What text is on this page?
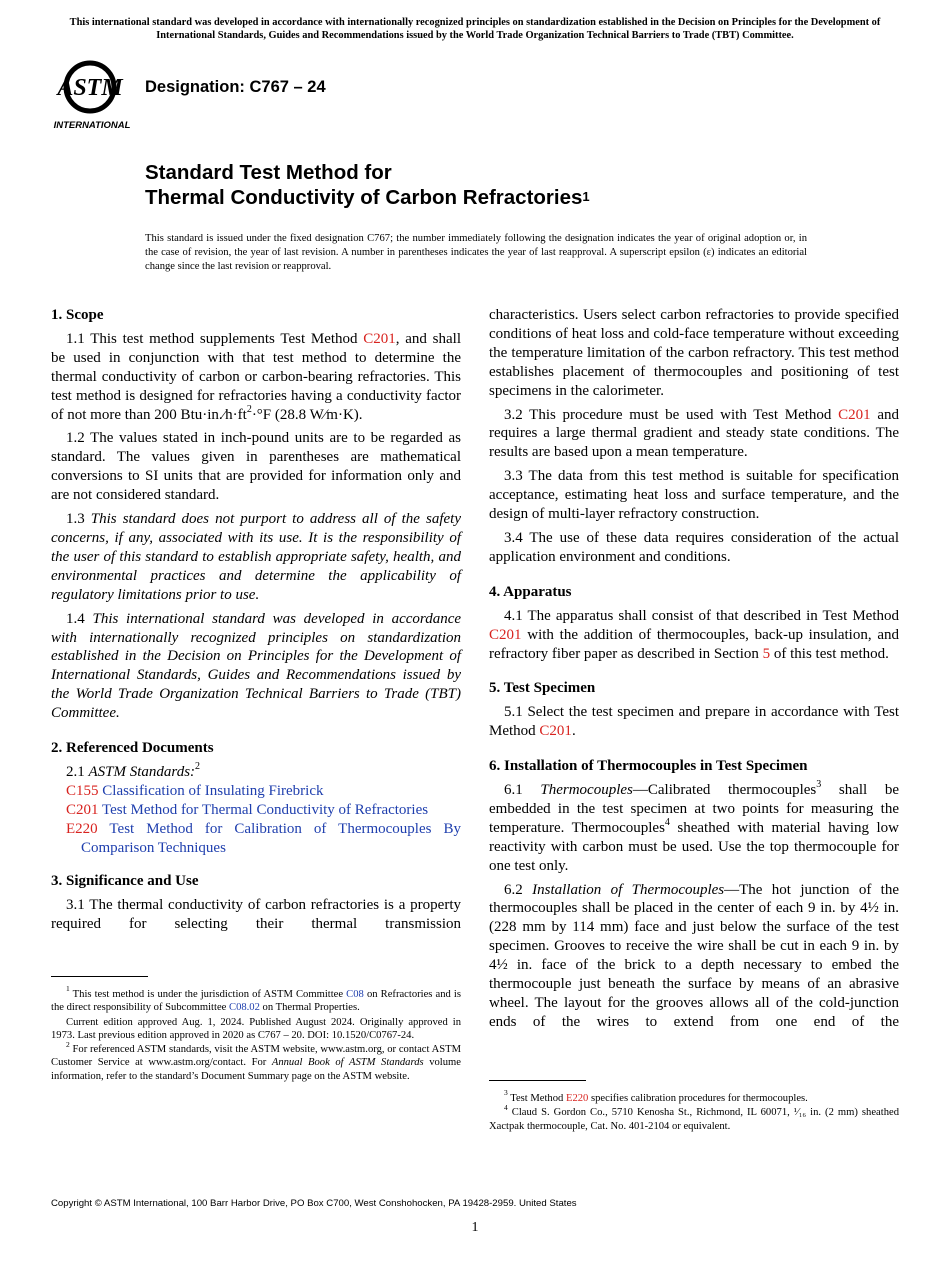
This international standard was developed in accordance with internationally recognized principles on standardization established in the Decision on Principles for the Development of International Standards, Guides and Recommendations issued by the World Trade Organization Technical Barriers to Trade (TBT) Committee.
ASTM
INTERNATIONAL
Designation: C767 – 24
Standard Test Method for
Thermal Conductivity of Carbon Refractories$^1$
This standard is issued under the fixed designation C767; the number immediately following the designation indicates the year of original adoption or, in the case of revision, the year of last revision. A number in parentheses indicates the year of last reapproval. A superscript epsilon (ε) indicates an editorial change since the last revision or reapproval.
1. Scope

1.1 This test method supplements Test Method C201, and shall be used in conjunction with that test method to determine the thermal conductivity of carbon or carbon-bearing refractories. This test method is designed for refractories having a conductivity factor of not more than 200 $Btu\cdot in.⁄h\cdot ft^2\cdot^\circ F$ (28.8 W⁄m·K).

1.2 The values stated in inch-pound units are to be regarded as standard. The values given in parentheses are mathematical conversions to SI units that are provided for information only and are not considered standard.

1.3 This standard does not purport to address all of the safety concerns, if any, associated with its use. It is the responsibility of the user of this standard to establish appropriate safety, health, and environmental practices and determine the applicability of regulatory limitations prior to use.

1.4 This international standard was developed in accordance with internationally recognized principles on standardization established in the Decision on Principles for the Development of International Standards, Guides and Recommendations issued by the World Trade Organization Technical Barriers to Trade (TBT) Committee.

2. Referenced Documents

2.1 ASTM Standards:$^2$

C155 Classification of Insulating Firebrick

C201 Test Method for Thermal Conductivity of Refractories

E220 Test Method for Calibration of Thermocouples By Comparison Techniques

3. Significance and Use

3.1 The thermal conductivity of carbon refractories is a property required for selecting their thermal transmission

$^1$ This test method is under the jurisdiction of ASTM Committee C08 on Refractories and is the direct responsibility of Subcommittee C08.02 on Thermal Properties.

Current edition approved Aug. 1, 2024. Published August 2024. Originally approved in 1973. Last previous edition approved in 2020 as C767 – 20. DOI: 10.1520/C0767-24.

$^2$ For referenced ASTM standards, visit the ASTM website, www.astm.org, or contact ASTM Customer Service at www.astm.org/contact. For Annual Book of ASTM Standards volume information, refer to the standard’s Document Summary page on the ASTM website.

characteristics. Users select carbon refractories to provide specified conditions of heat loss and cold-face temperature without exceeding the temperature limitation of the carbon refractory. This test method establishes placement of thermocouples and positioning of test specimens in the calorimeter.

3.2 This procedure must be used with Test Method C201 and requires a large thermal gradient and steady state conditions. The results are based upon a mean temperature.

3.3 The data from this test method is suitable for specification acceptance, estimating heat loss and surface temperature, and the design of multi-layer refractory construction.

3.4 The use of these data requires consideration of the actual application environment and conditions.

4. Apparatus

4.1 The apparatus shall consist of that described in Test Method C201 with the addition of thermocouples, back-up insulation, and refractory fiber paper as described in Section 5 of this test method.

5. Test Specimen

5.1 Select the test specimen and prepare in accordance with Test Method C201.

6. Installation of Thermocouples in Test Specimen

6.1 Thermocouples—Calibrated thermocouples$^3$ shall be embedded in the test specimen at two points for measuring the temperature. Thermocouples$^4$ sheathed with material having low reactivity with carbon must be used. Use the top thermocouple for one test only.

6.2 Installation of Thermocouples—The hot junction of the thermocouples shall be placed in the center of each 9 in. by 4½ in. (228 mm by 114 mm) face and just below the surface of the test specimen. Grooves to receive the wire shall be cut in each 9 in. by 4½ in. face of the brick to a depth necessary to embed the thermocouple just beneath the surface by means of an abrasive wheel. The layout for the grooves allows all of the cold-junction ends of the wires to extend from one end of the

$^3$ Test Method E220 specifies calibration procedures for thermocouples.

$^4$ Claud S. Gordon Co., 5710 Kenosha St., Richmond, IL 60071, ¹⁄₁₆ in. (2 mm) sheathed Xactpak thermocouple, Cat. No. 401-2104 or equivalent.

Copyright © ASTM International, 100 Barr Harbor Drive, PO Box C700, West Conshohocken, PA 19428-2959. United States
1
